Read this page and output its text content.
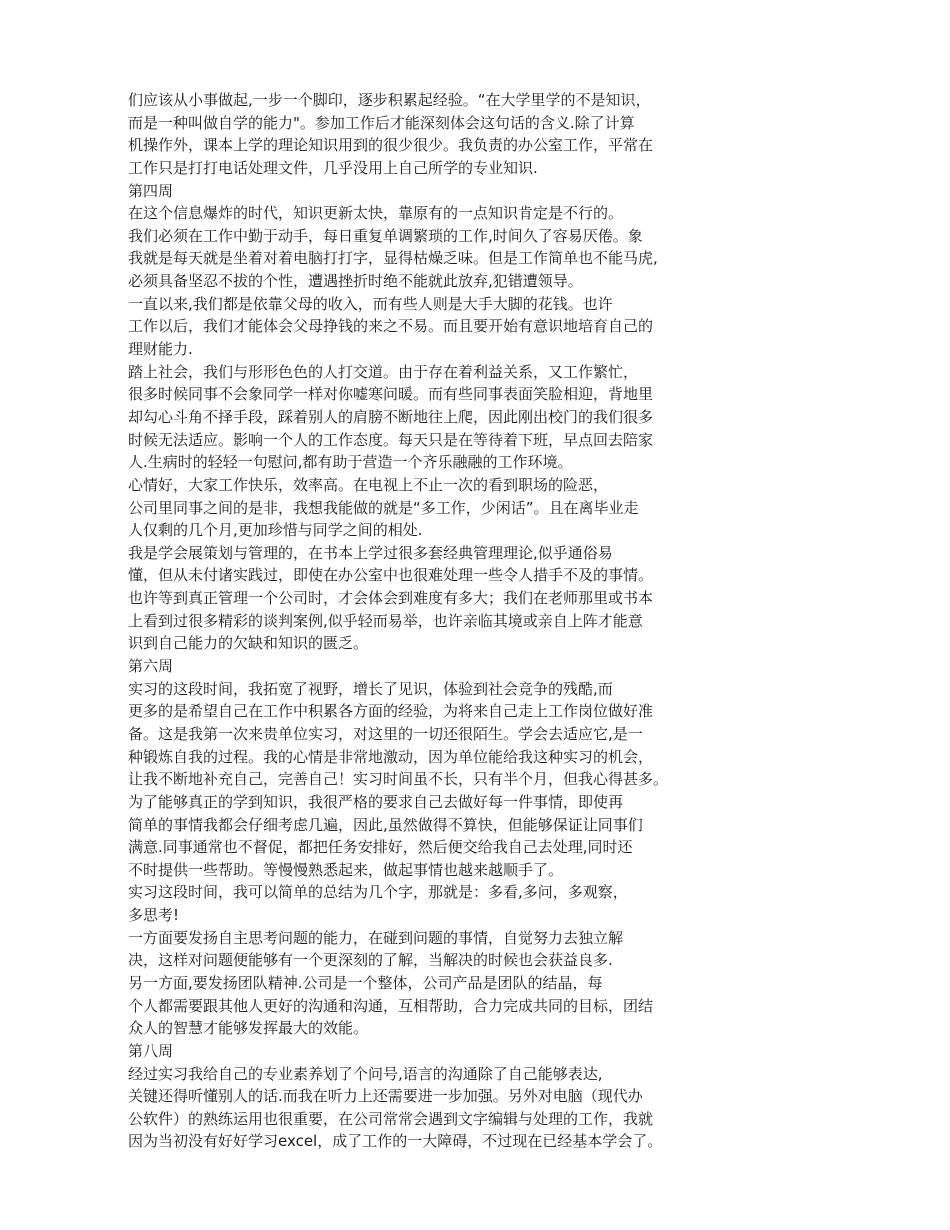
们应该从小事做起,一步一个脚印，逐步积累起经验。“在大学里学的不是知识，
而是一种叫做自学的能力"。参加工作后才能深刻体会这句话的含义.除了计算
机操作外，课本上学的理论知识用到的很少很少。我负责的办公室工作，平常在
工作只是打打电话处理文件，几乎没用上自己所学的专业知识.
第四周
在这个信息爆炸的时代，知识更新太快，靠原有的一点知识肯定是不行的。
我们必须在工作中勤于动手，每日重复单调繁琐的工作,时间久了容易厌倦。象
我就是每天就是坐着对着电脑打打字，显得枯燥乏味。但是工作简单也不能马虎,
必须具备坚忍不拔的个性，遭遇挫折时绝不能就此放弃,犯错遭领导。
一直以来,我们都是依靠父母的收入，而有些人则是大手大脚的花钱。也许
工作以后，我们才能体会父母挣钱的来之不易。而且要开始有意识地培育自己的
理财能力.
踏上社会，我们与形形色色的人打交道。由于存在着利益关系，又工作繁忙，
很多时候同事不会象同学一样对你嘘寒问暖。而有些同事表面笑脸相迎，背地里
却勾心斗角不择手段，踩着别人的肩膀不断地往上爬，因此刚出校门的我们很多
时候无法适应。影响一个人的工作态度。每天只是在等待着下班，早点回去陪家
人.生病时的轻轻一句慰问,都有助于营造一个齐乐融融的工作环境。
心情好，大家工作快乐，效率高。在电视上不止一次的看到职场的险恶，
公司里同事之间的是非，我想我能做的就是“多工作，少闲话”。且在离毕业走
人仅剩的几个月,更加珍惜与同学之间的相处.
我是学会展策划与管理的，在书本上学过很多套经典管理理论,似乎通俗易
懂，但从未付诸实践过，即使在办公室中也很难处理一些令人措手不及的事情。
也许等到真正管理一个公司时，才会体会到难度有多大；我们在老师那里或书本
上看到过很多精彩的谈判案例,似乎轻而易举，也许亲临其境或亲自上阵才能意
识到自己能力的欠缺和知识的匮乏。
第六周
实习的这段时间，我拓宽了视野，增长了见识，体验到社会竞争的残酷,而
更多的是希望自己在工作中积累各方面的经验，为将来自己走上工作岗位做好准
备。这是我第一次来贵单位实习，对这里的一切还很陌生。学会去适应它,是一
种锻炼自我的过程。我的心情是非常地激动，因为单位能给我这种实习的机会，
让我不断地补充自己，完善自己！实习时间虽不长，只有半个月，但我心得甚多。
为了能够真正的学到知识，我很严格的要求自己去做好每一件事情，即使再
简单的事情我都会仔细考虑几遍，因此,虽然做得不算快，但能够保证让同事们
满意.同事通常也不督促，都把任务安排好，然后便交给我自己去处理,同时还
不时提供一些帮助。等慢慢熟悉起来，做起事情也越来越顺手了。
实习这段时间，我可以简单的总结为几个字，那就是：多看,多问，多观察，
多思考!
一方面要发扬自主思考问题的能力，在碰到问题的事情，自觉努力去独立解
决，这样对问题便能够有一个更深刻的了解，当解决的时候也会获益良多.
另一方面,要发扬团队精神.公司是一个整体，公司产品是团队的结晶，每
个人都需要跟其他人更好的沟通和沟通，互相帮助，合力完成共同的目标，团结
众人的智慧才能够发挥最大的效能。
第八周
经过实习我给自己的专业素养划了个问号,语言的沟通除了自己能够表达,
关键还得听懂别人的话.而我在听力上还需要进一步加强。另外对电脑（现代办
公软件）的熟练运用也很重要，在公司常常会遇到文字编辑与处理的工作，我就
因为当初没有好好学习excel，成了工作的一大障碍，不过现在已经基本学会了。
